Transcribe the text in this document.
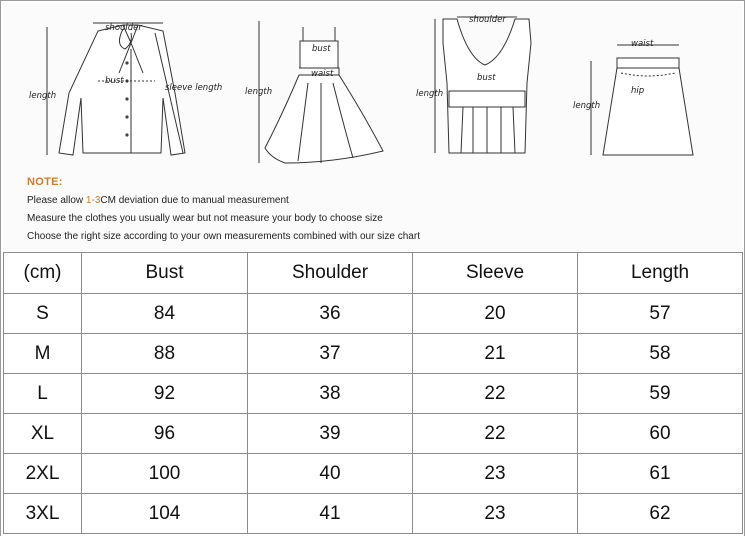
shoulder
bust
length
sleeve length
bust
waist
length
shoulder
bust
length
waist
hip
length
NOTE:
Please allow 1-3CM deviation due to manual measurement
Measure the clothes you usually wear but not measure your body to choose size
Choose the right size according to your own measurements combined with our size chart
(cm)	Bust	Shoulder	Sleeve	Length
S	84	36	20	57
M	88	37	21	58
L	92	38	22	59
XL	96	39	22	60
2XL	100	40	23	61
3XL	104	41	23	62
